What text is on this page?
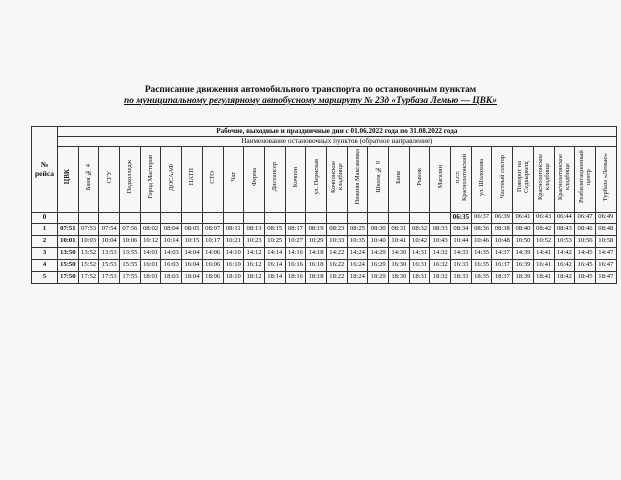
Расписание движения автомобильного транспорта по остановочным пунктам
по муниципальному регулярному автобусному маршруту № 23д «Турбаза Лемью — ЦВК»
№ рейса	Рабочие, выходные и праздничные дни с 01.06.2022 года по 31.08.2022 года																										
	Наименование остановочных пунктов (обратное направление)																										
	ЦВК	Баня № 4	СГУ	Педколледж	Город Мастеров	ДОСААФ	ПАТП	СТО	Чат	Ферма	Диспансер	Кочпон	ул. Пермская	Кочпонское кладбище	Нижняя Максаковка	Школа № 9	Баня	Рынок	Магазин	п.г.т. Краснозатонский	ул. Шолохова	Частный сектор	Поворот на Седкыркещ	Краснозатонское кладбище	Краснозатонское кладбище	Реабилитационный центр	Турбаза «Лемью»
0																				06:35	06:37	06:39	06:41	06:43	06:44	06:47	06:49
1	07:51	07:53	07:54	07:56	08:02	08:04	08:05	08:07	08:11	08:13	08:15	08:17	08:19	08:23	08:25	08:30	08:31	08:32	08:33	08:34	08:36	08:38	08:40	08:42	08:43	08:46	08:48
2	10:01	10:03	10:04	10:06	10:12	10:14	10:15	10:17	10:21	10:23	10:25	10:27	10:29	10:33	10:35	10:40	10:41	10:42	10:43	10:44	10:46	10:48	10:50	10:52	10:53	10:56	10:58
3	13:50	13:52	13:53	13:55	14:01	14:03	14:04	14:06	14:10	14:12	14:14	14:16	14:18	14:22	14:24	14:29	14:30	14:31	14:32	14:33	14:35	14:37	14:39	14:41	14:42	14:45	14:47
4	15:50	15:52	15:53	15:55	16:01	16:03	16:04	16:06	16:10	16:12	16:14	16:16	16:18	16:22	16:24	16:29	16:30	16:31	16:32	16:33	16:35	16:37	16:39	16:41	16:42	16:45	16:47
5	17:50	17:52	17:53	17:55	18:01	18:03	18:04	18:06	18:10	18:12	18:14	18:16	18:18	18:22	18:24	18:29	18:30	18:31	18:32	18:33	18:35	18:37	18:39	18:41	18:42	18:45	18:47
